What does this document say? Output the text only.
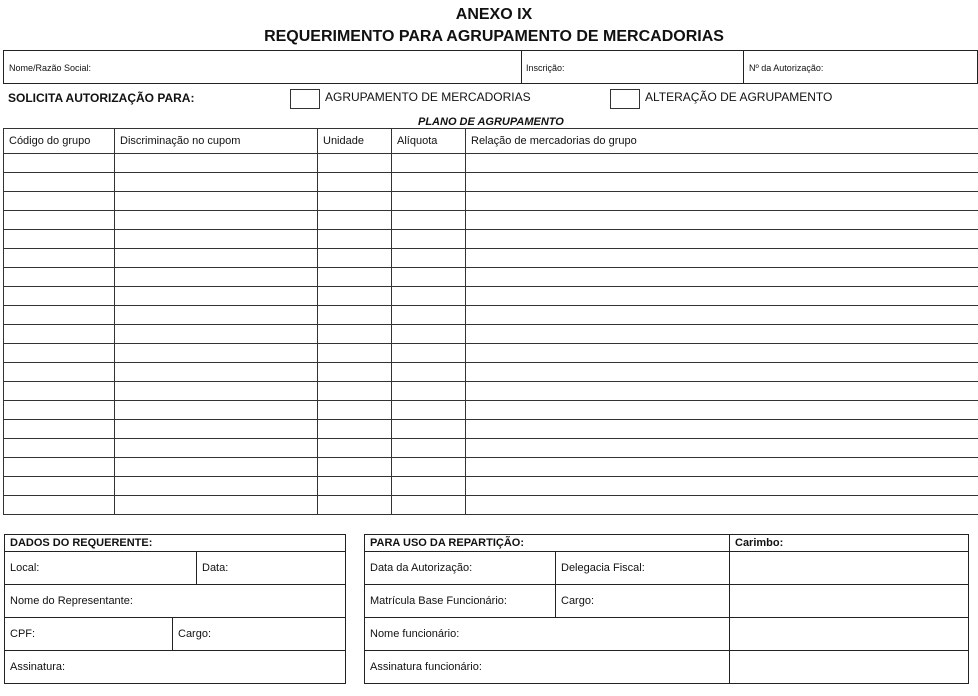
ANEXO IX
REQUERIMENTO PARA AGRUPAMENTO DE MERCADORIAS
Nome/Razão Social:	Inscrição:	Nº da Autorização:
SOLICITA AUTORIZAÇÃO PARA:	AGRUPAMENTO DE MERCADORIAS	ALTERAÇÃO DE AGRUPAMENTO
PLANO DE AGRUPAMENTO
Código do grupo	Discriminação no cupom	Unidade	Alíquota	Relação de mercadorias do grupo

DADOS DO REQUERENTE:		
Local:		Data:
Nome do Representante:		
CPF:	Cargo:	
Assinatura:		
PARA USO DA REPARTIÇÃO:		Carimbo:
Data da Autorização:	Delegacia Fiscal:	
Matrícula Base Funcionário:	Cargo:	
Nome funcionário:		
Assinatura funcionário:		
